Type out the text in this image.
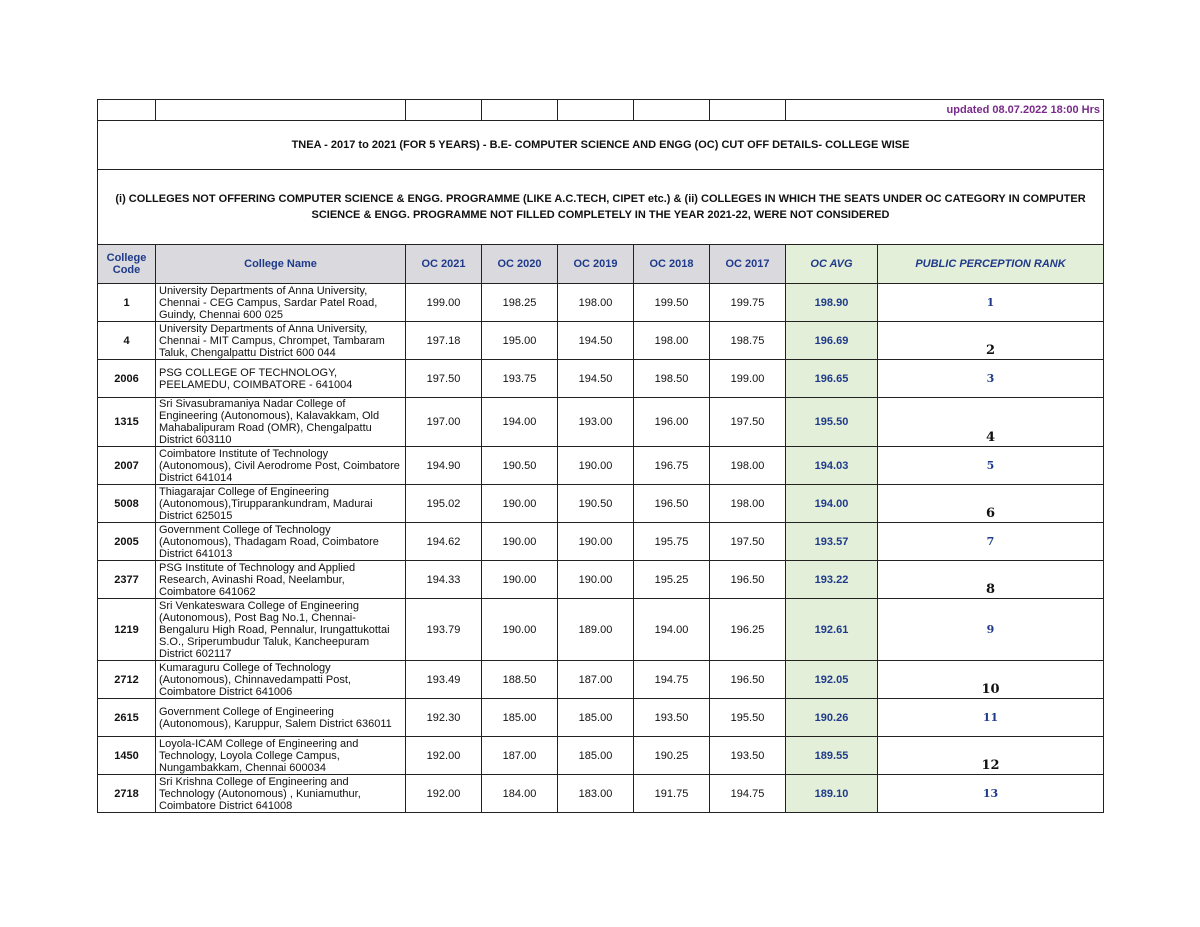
							updated 08.07.2022 18:00 Hrs	
TNEA - 2017 to 2021 (FOR 5 YEARS) - B.E- COMPUTER SCIENCE AND ENGG (OC) CUT OFF DETAILS- COLLEGE WISE								
(i) COLLEGES NOT OFFERING COMPUTER SCIENCE & ENGG. PROGRAMME (LIKE A.C.TECH, CIPET etc.) & (ii) COLLEGES IN WHICH THE SEATS UNDER OC CATEGORY IN COMPUTER SCIENCE & ENGG. PROGRAMME NOT FILLED COMPLETELY IN THE YEAR 2021-22, WERE NOT CONSIDERED								
College Code	College Name	OC 2021	OC 2020	OC 2019	OC 2018	OC 2017	OC AVG	PUBLIC PERCEPTION RANK
1	University Departments of Anna University, Chennai - CEG Campus, Sardar Patel Road, Guindy, Chennai 600 025	199.00	198.25	198.00	199.50	199.75	198.90	1
4	University Departments of Anna University, Chennai - MIT Campus, Chrompet, Tambaram Taluk, Chengalpattu District 600 044	197.18	195.00	194.50	198.00	198.75	196.69	2
2006	PSG COLLEGE OF TECHNOLOGY, PEELAMEDU, COIMBATORE - 641004	197.50	193.75	194.50	198.50	199.00	196.65	3
1315	Sri Sivasubramaniya Nadar College of Engineering (Autonomous), Kalavakkam, Old Mahabalipuram Road (OMR), Chengalpattu District 603110	197.00	194.00	193.00	196.00	197.50	195.50	4
2007	Coimbatore Institute of Technology (Autonomous), Civil Aerodrome Post, Coimbatore District 641014	194.90	190.50	190.00	196.75	198.00	194.03	5
5008	Thiagarajar College of Engineering (Autonomous),Tirupparankundram, Madurai District 625015	195.02	190.00	190.50	196.50	198.00	194.00	6
2005	Government College of Technology (Autonomous), Thadagam Road, Coimbatore District 641013	194.62	190.00	190.00	195.75	197.50	193.57	7
2377	PSG Institute of Technology and Applied Research, Avinashi Road, Neelambur, Coimbatore 641062	194.33	190.00	190.00	195.25	196.50	193.22	8
1219	Sri Venkateswara College of Engineering (Autonomous), Post Bag No.1, Chennai-Bengaluru High Road, Pennalur, Irungattukottai S.O., Sriperumbudur Taluk, Kancheepuram District 602117	193.79	190.00	189.00	194.00	196.25	192.61	9
2712	Kumaraguru College of Technology (Autonomous), Chinnavedampatti Post, Coimbatore District 641006	193.49	188.50	187.00	194.75	196.50	192.05	10
2615	Government College of Engineering (Autonomous), Karuppur, Salem District 636011	192.30	185.00	185.00	193.50	195.50	190.26	11
1450	Loyola-ICAM College of Engineering and Technology, Loyola College Campus, Nungambakkam, Chennai 600034	192.00	187.00	185.00	190.25	193.50	189.55	12
2718	Sri Krishna College of Engineering and Technology (Autonomous) , Kuniamuthur, Coimbatore District 641008	192.00	184.00	183.00	191.75	194.75	189.10	13
